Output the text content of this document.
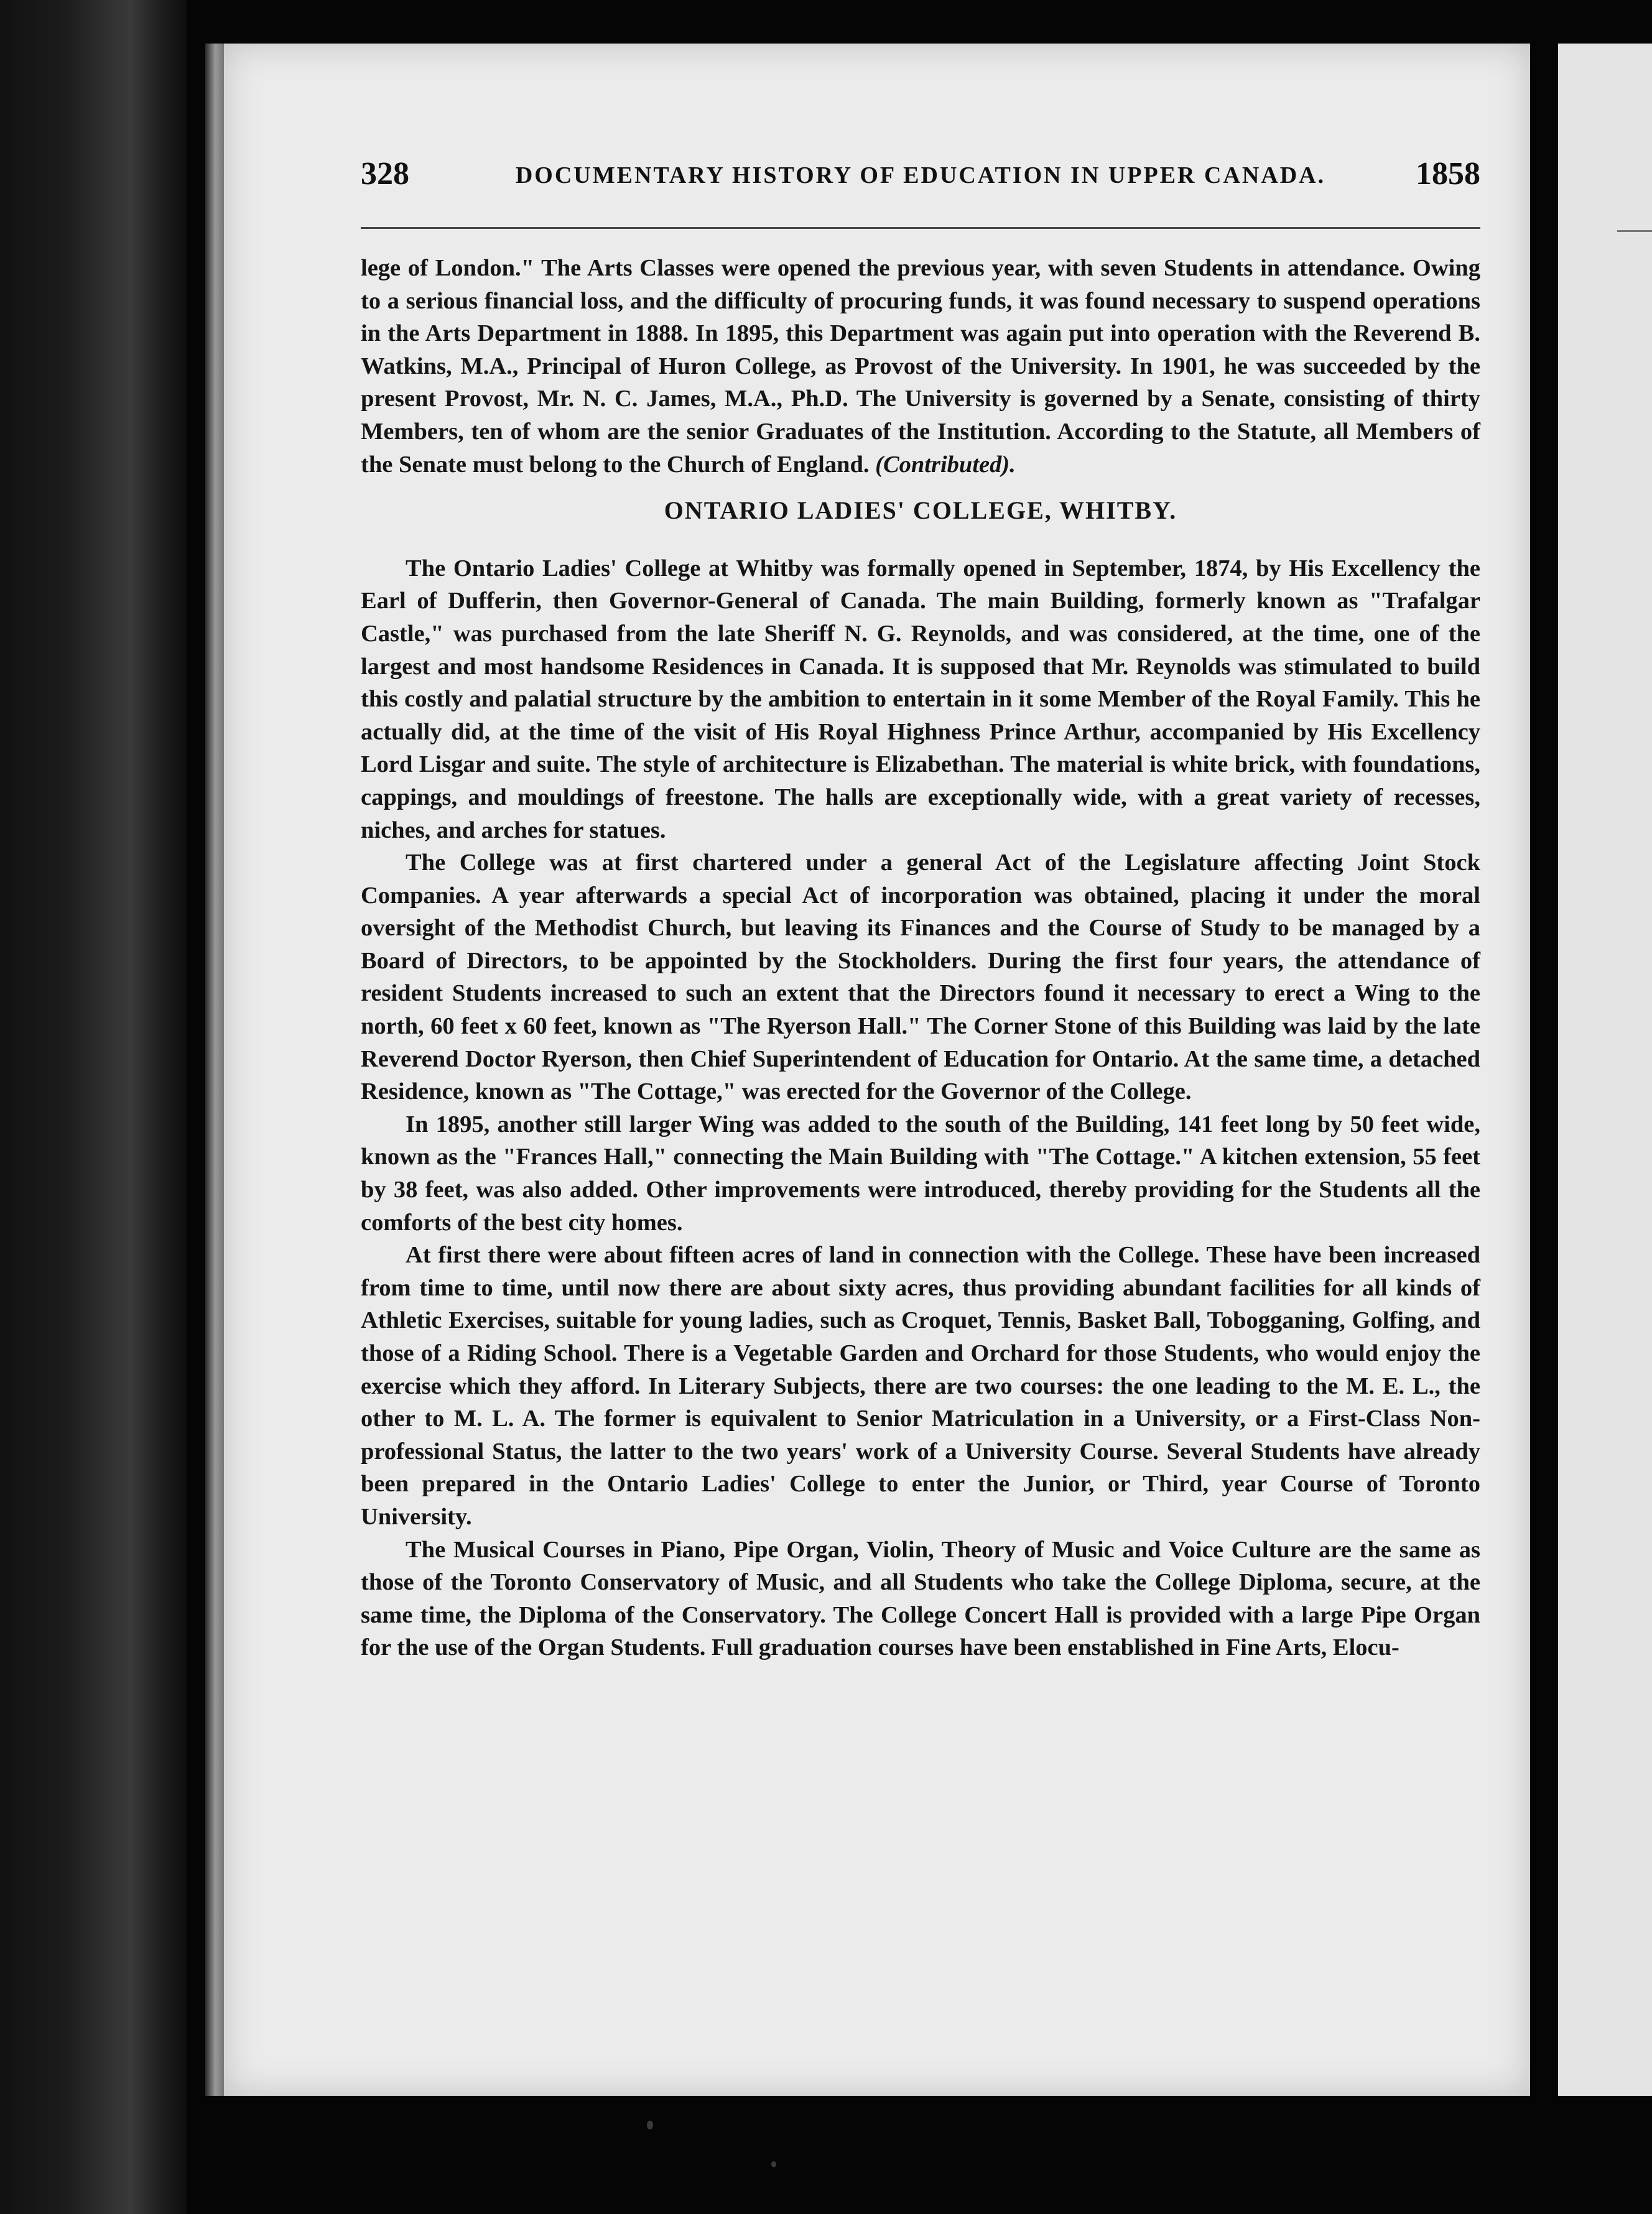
328	DOCUMENTARY HISTORY OF EDUCATION IN UPPER CANADA.	1858

lege of London." The Arts Classes were opened the previous year, with seven Students in attendance. Owing to a serious financial loss, and the difficulty of procuring funds, it was found necessary to suspend operations in the Arts Department in 1888. In 1895, this Department was again put into operation with the Reverend B. Watkins, M.A., Principal of Huron College, as Provost of the University. In 1901, he was succeeded by the present Provost, Mr. N. C. James, M.A., Ph.D. The University is governed by a Senate, consisting of thirty Members, ten of whom are the senior Graduates of the Institution. According to the Statute, all Members of the Senate must belong to the Church of England. (Contributed).

ONTARIO LADIES' COLLEGE, WHITBY.

The Ontario Ladies' College at Whitby was formally opened in September, 1874, by His Excellency the Earl of Dufferin, then Governor-General of Canada. The main Building, formerly known as "Trafalgar Castle," was purchased from the late Sheriff N. G. Reynolds, and was considered, at the time, one of the largest and most handsome Residences in Canada. It is supposed that Mr. Reynolds was stimulated to build this costly and palatial structure by the ambition to entertain in it some Member of the Royal Family. This he actually did, at the time of the visit of His Royal Highness Prince Arthur, accompanied by His Excellency Lord Lisgar and suite. The style of architecture is Elizabethan. The material is white brick, with foundations, cappings, and mouldings of freestone. The halls are exceptionally wide, with a great variety of recesses, niches, and arches for statues.

The College was at first chartered under a general Act of the Legislature affecting Joint Stock Companies. A year afterwards a special Act of incorporation was obtained, placing it under the moral oversight of the Methodist Church, but leaving its Finances and the Course of Study to be managed by a Board of Directors, to be appointed by the Stockholders. During the first four years, the attendance of resident Students increased to such an extent that the Directors found it necessary to erect a Wing to the north, 60 feet x 60 feet, known as "The Ryerson Hall." The Corner Stone of this Building was laid by the late Reverend Doctor Ryerson, then Chief Superintendent of Education for Ontario. At the same time, a detached Residence, known as "The Cottage," was erected for the Governor of the College.

In 1895, another still larger Wing was added to the south of the Building, 141 feet long by 50 feet wide, known as the "Frances Hall," connecting the Main Building with "The Cottage." A kitchen extension, 55 feet by 38 feet, was also added. Other improvements were introduced, thereby providing for the Students all the comforts of the best city homes.

At first there were about fifteen acres of land in connection with the College. These have been increased from time to time, until now there are about sixty acres, thus providing abundant facilities for all kinds of Athletic Exercises, suitable for young ladies, such as Croquet, Tennis, Basket Ball, Tobogganing, Golfing, and those of a Riding School. There is a Vegetable Garden and Orchard for those Students, who would enjoy the exercise which they afford. In Literary Subjects, there are two courses: the one leading to the M. E. L., the other to M. L. A. The former is equivalent to Senior Matriculation in a University, or a First-Class Non-professional Status, the latter to the two years' work of a University Course. Several Students have already been prepared in the Ontario Ladies' College to enter the Junior, or Third, year Course of Toronto University.

The Musical Courses in Piano, Pipe Organ, Violin, Theory of Music and Voice Culture are the same as those of the Toronto Conservatory of Music, and all Students who take the College Diploma, secure, at the same time, the Diploma of the Conservatory. The College Concert Hall is provided with a large Pipe Organ for the use of the Organ Students. Full graduation courses have been enstablished in Fine Arts, Elocu-
